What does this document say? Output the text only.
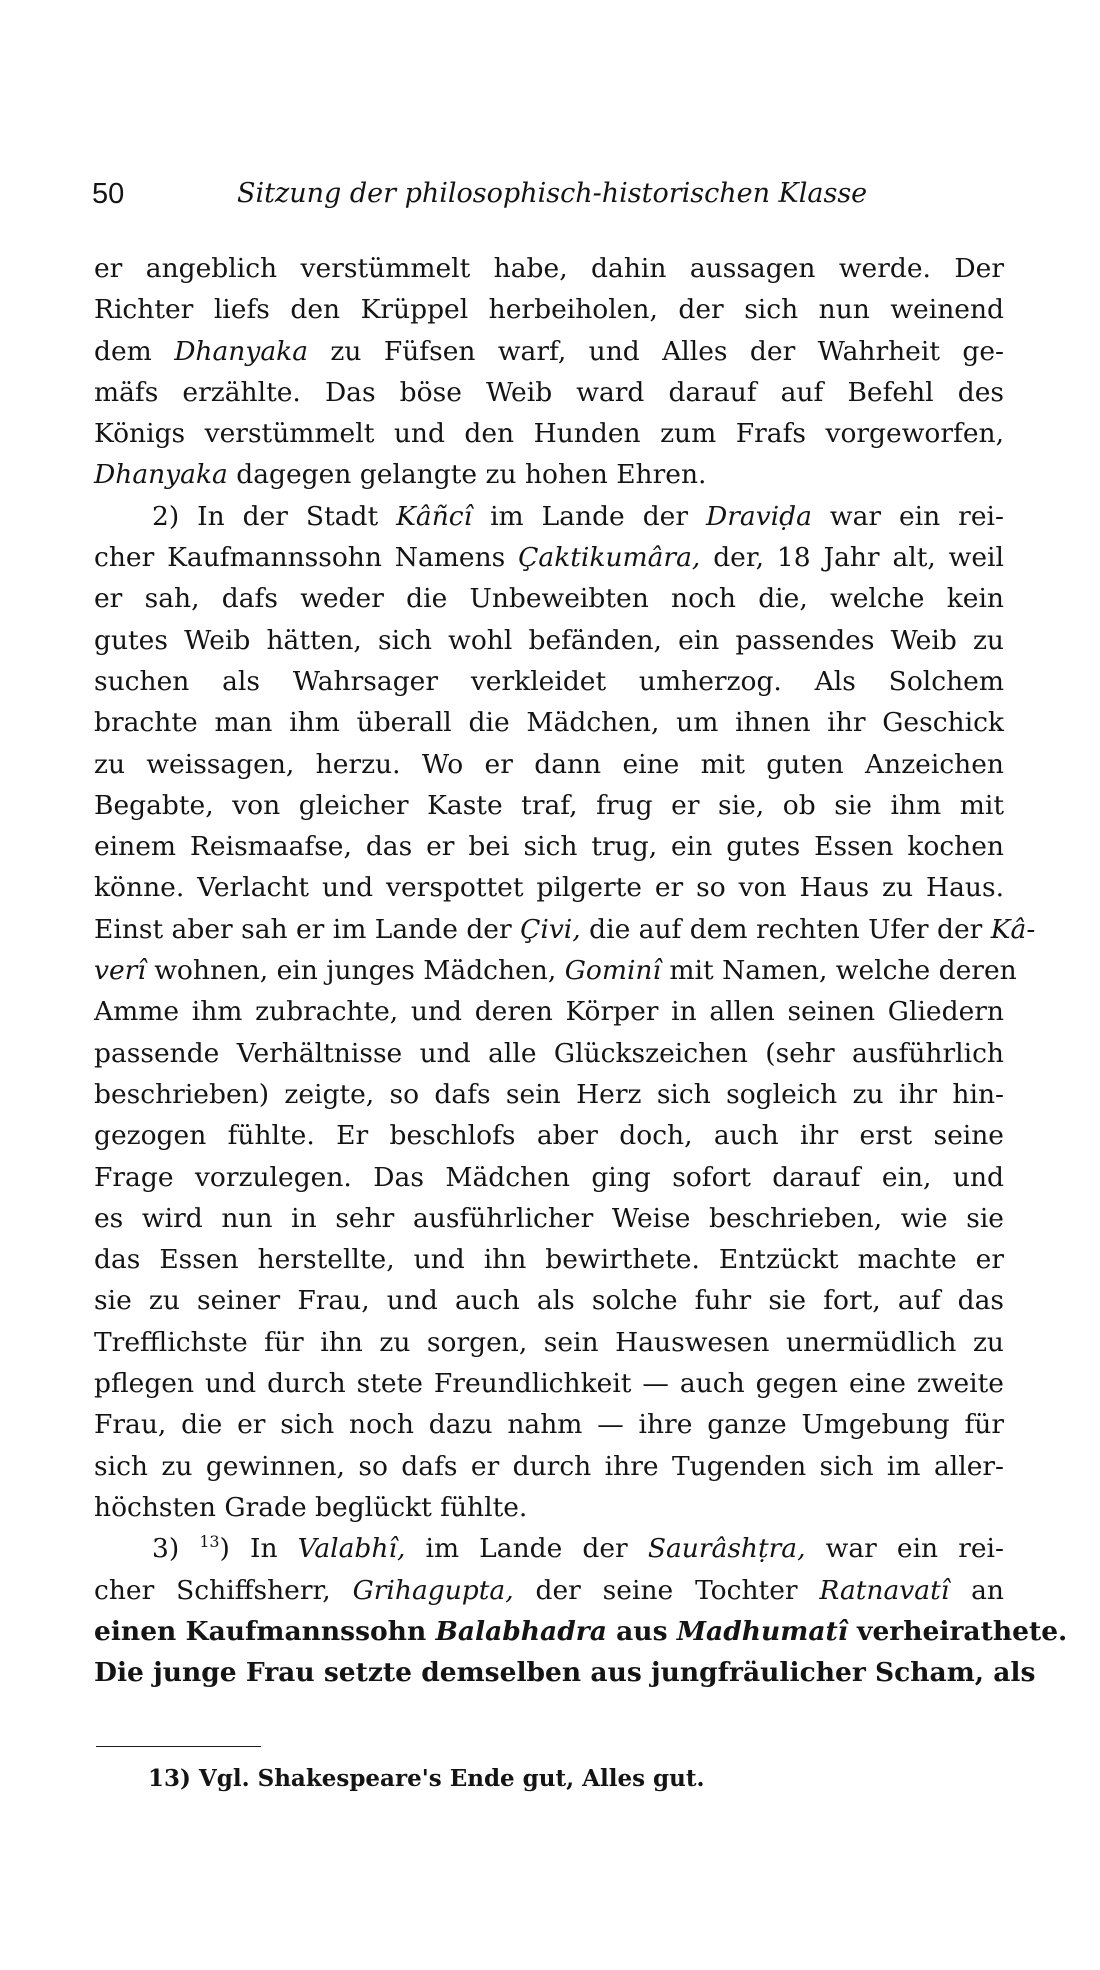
50	Sitzung der philosophisch-historischen Klasse

er angeblich verstümmelt habe, dahin aussagen werde. Der
Richter liefs den Krüppel herbeiholen, der sich nun weinend
dem Dhanyaka zu Füfsen warf, und Alles der Wahrheit ge-
mäfs erzählte. Das böse Weib ward darauf auf Befehl des
Königs verstümmelt und den Hunden zum Frafs vorgeworfen,
Dhanyaka dagegen gelangte zu hohen Ehren.

2) In der Stadt Kâñcî im Lande der Draviḍa war ein rei-
cher Kaufmannssohn Namens Çaktikumâra, der, 18 Jahr alt, weil
er sah, dafs weder die Unbeweibten noch die, welche kein
gutes Weib hätten, sich wohl befänden, ein passendes Weib zu
suchen als Wahrsager verkleidet umherzog. Als Solchem
brachte man ihm überall die Mädchen, um ihnen ihr Geschick
zu weissagen, herzu. Wo er dann eine mit guten Anzeichen
Begabte, von gleicher Kaste traf, frug er sie, ob sie ihm mit
einem Reismaafse, das er bei sich trug, ein gutes Essen kochen
könne. Verlacht und verspottet pilgerte er so von Haus zu Haus.
Einst aber sah er im Lande der Çivi, die auf dem rechten Ufer der Kâ-
verî wohnen, ein junges Mädchen, Gominî mit Namen, welche deren
Amme ihm zubrachte, und deren Körper in allen seinen Gliedern
passende Verhältnisse und alle Glückszeichen (sehr ausführlich
beschrieben) zeigte, so dafs sein Herz sich sogleich zu ihr hin-
gezogen fühlte. Er beschlofs aber doch, auch ihr erst seine
Frage vorzulegen. Das Mädchen ging sofort darauf ein, und
es wird nun in sehr ausführlicher Weise beschrieben, wie sie
das Essen herstellte, und ihn bewirthete. Entzückt machte er
sie zu seiner Frau, und auch als solche fuhr sie fort, auf das
Trefflichste für ihn zu sorgen, sein Hauswesen unermüdlich zu
pflegen und durch stete Freundlichkeit — auch gegen eine zweite
Frau, die er sich noch dazu nahm — ihre ganze Umgebung für
sich zu gewinnen, so dafs er durch ihre Tugenden sich im aller-
höchsten Grade beglückt fühlte.

3) $^{13}$) In Valabhî, im Lande der Saurâshṭra, war ein rei-
cher Schiffsherr, Grihagupta, der seine Tochter Ratnavatî an
einen Kaufmannssohn Balabhadra aus Madhumatî verheirathete.
Die junge Frau setzte demselben aus jungfräulicher Scham, als

13) Vgl. Shakespeare's Ende gut, Alles gut.
